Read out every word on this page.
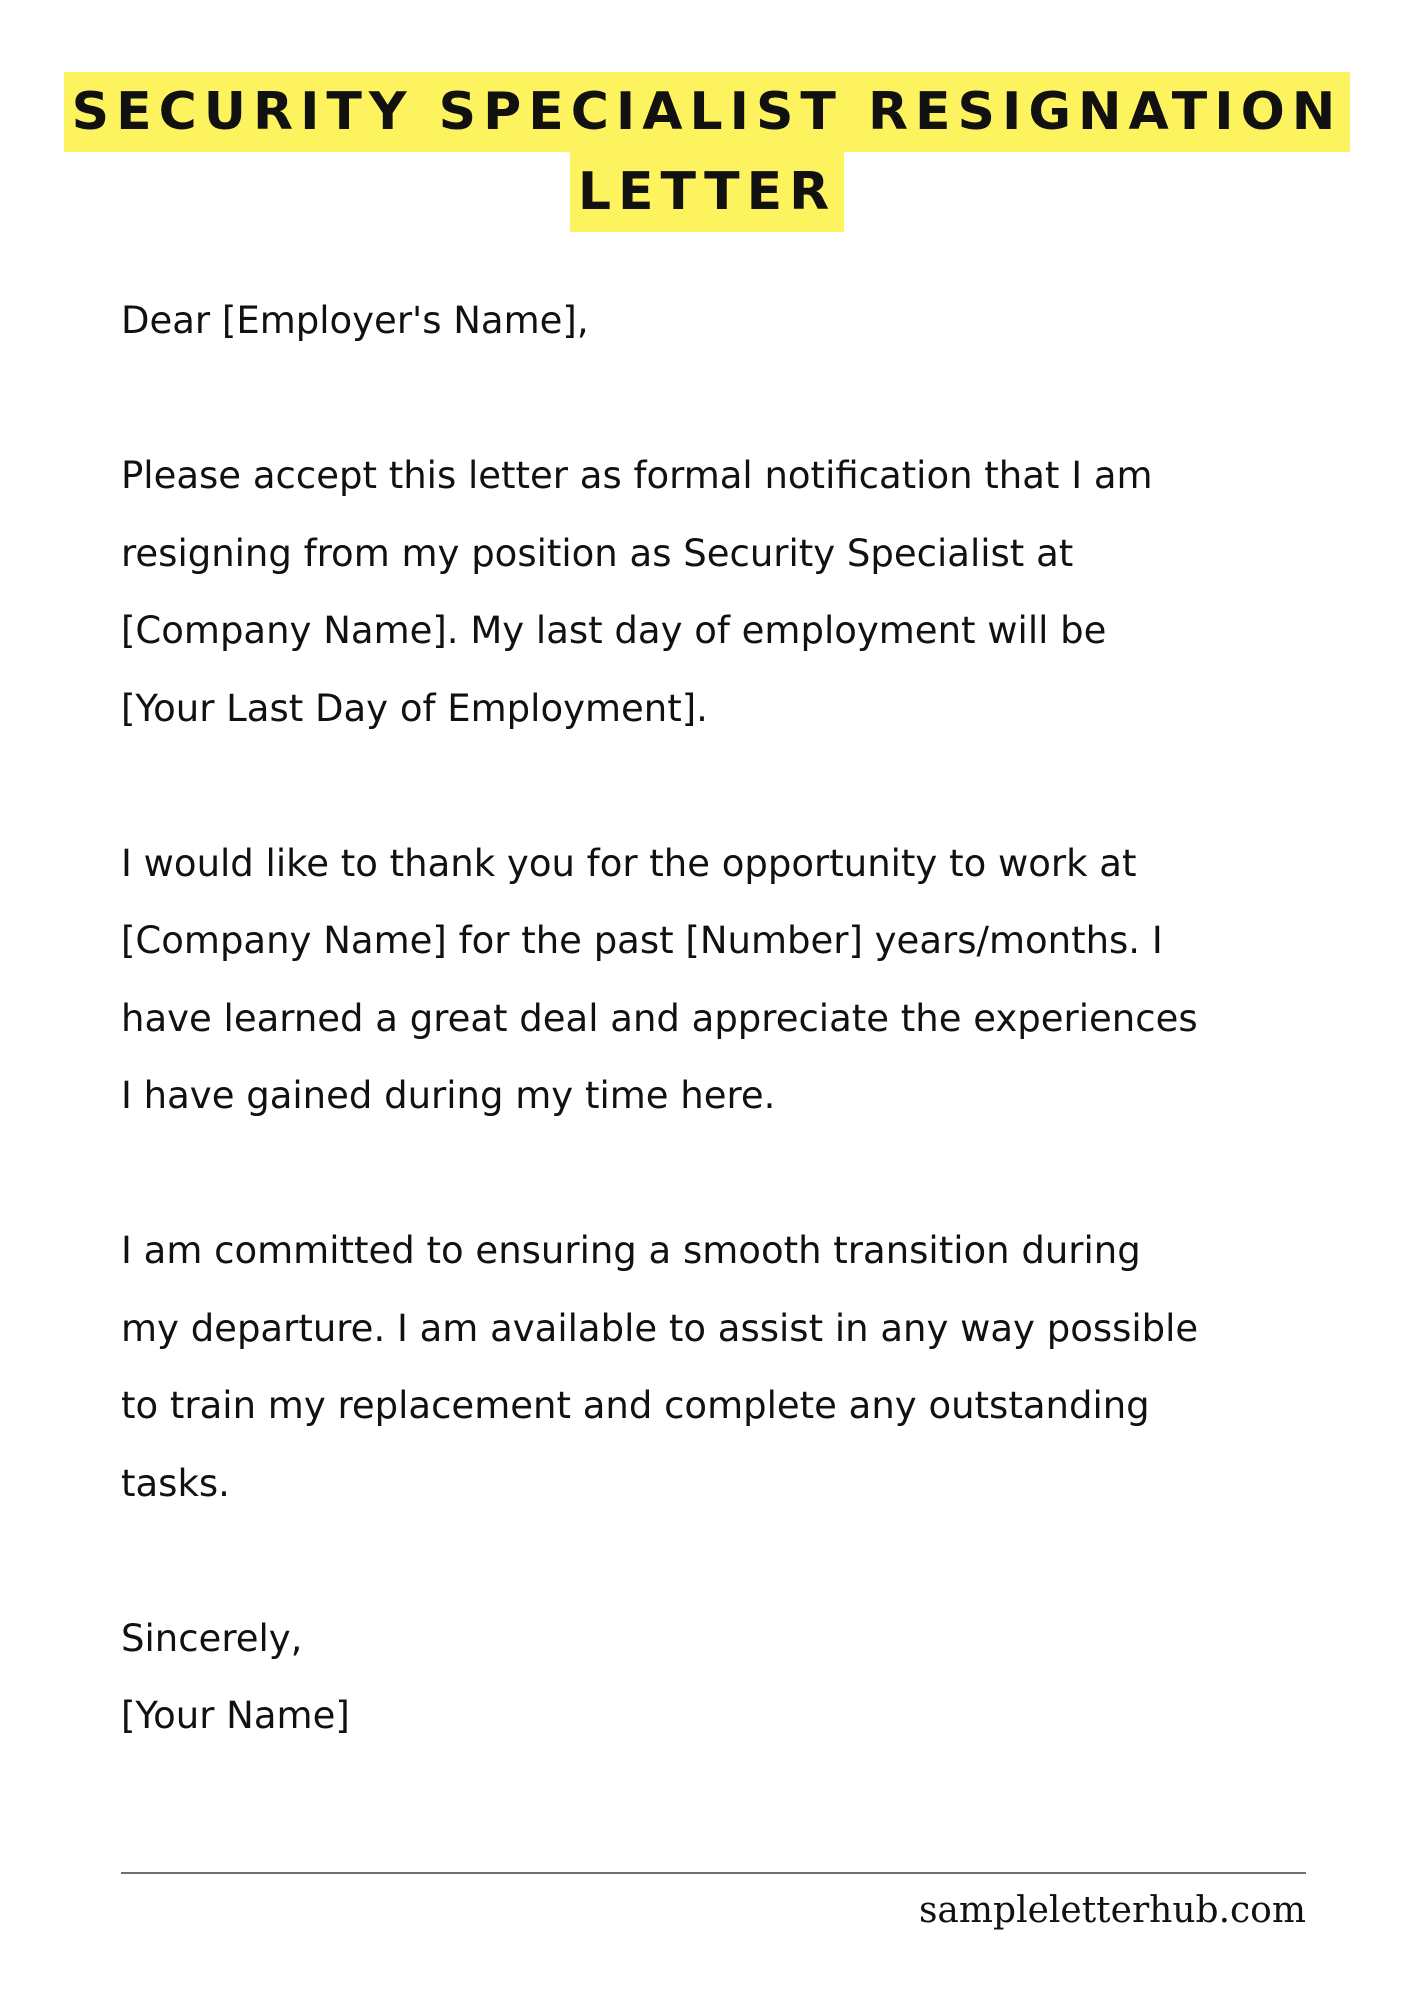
SECURITY SPECIALIST RESIGNATION
LETTER
Dear [Employer's Name],
Please accept this letter as formal notification that I am
resigning from my position as Security Specialist at
[Company Name]. My last day of employment will be
[Your Last Day of Employment].
I would like to thank you for the opportunity to work at
[Company Name] for the past [Number] years/months. I
have learned a great deal and appreciate the experiences
I have gained during my time here.
I am committed to ensuring a smooth transition during
my departure. I am available to assist in any way possible
to train my replacement and complete any outstanding
tasks.
Sincerely,
[Your Name]
sampleletterhub.com
